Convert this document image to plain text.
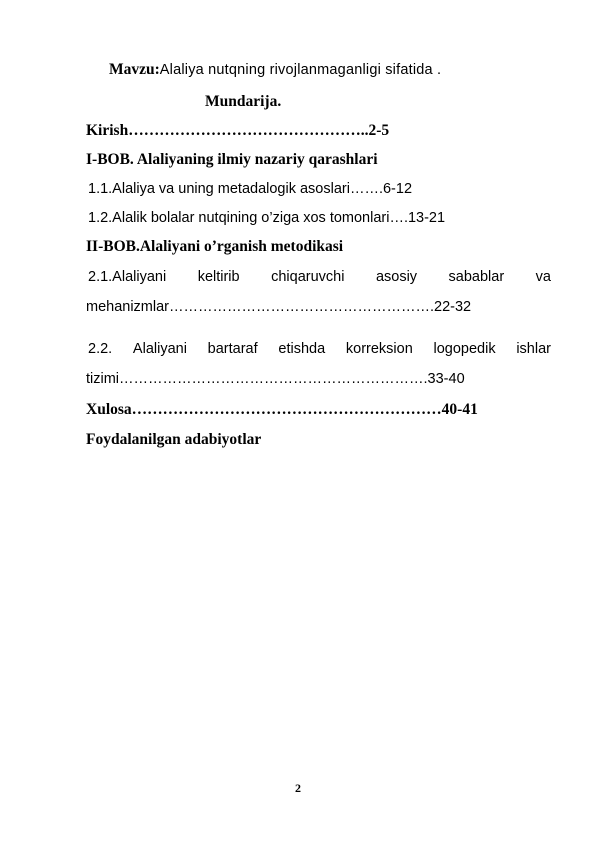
Mavzu:Alaliya nutqning rivojlanmaganligi sifatida .
Mundarija.
Kirish………………………………………..2-5
I-BOB. Alaliyaning ilmiy nazariy qarashlari
1.1.Alaliya va uning metadalogik asoslari…….6-12
1.2.Alalik bolalar nutqining o’ziga xos tomonlari….13-21
II-BOB.Alaliyani o’rganish metodikasi
2.1.Alaliyani keltirib chiqaruvchi asosiy sabablar va
mehanizmlar……………………………………………….22-32
2.2. Alaliyani bartaraf etishda korreksion logopedik ishlar
tizimi……………………………………………………….33-40
Xulosa……………………………………………………40-41
Foydalanilgan adabiyotlar
2
